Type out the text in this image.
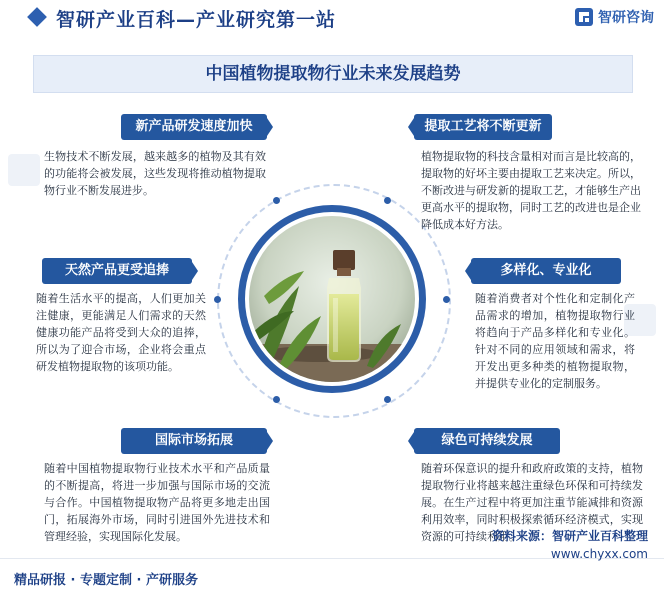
智研产业百科—产业研究第一站	智研咨询
中国植物提取物行业未来发展趋势
新产品研发速度加快
生物技术不断发展，越来越多的植物及其有效的功能将会被发展，这些发现将推动植物提取物行业不断发展进步。
提取工艺将不断更新
植物提取物的科技含量相对而言是比较高的，提取物的好坏主要由提取工艺来决定。所以，不断改进与研发新的提取工艺，才能够生产出更高水平的提取物，同时工艺的改进也是企业降低成本好方法。
天然产品更受追捧
随着生活水平的提高，人们更加关注健康，更能满足人们需求的天然健康功能产品将受到大众的追捧，所以为了迎合市场，企业将会重点研发植物提取物的该项功能。
多样化、专业化
随着消费者对个性化和定制化产品需求的增加，植物提取物行业将趋向于产品多样化和专业化。针对不同的应用领域和需求，将开发出更多种类的植物提取物，并提供专业化的定制服务。
国际市场拓展
随着中国植物提取物行业技术水平和产品质量的不断提高，将进一步加强与国际市场的交流与合作。中国植物提取物产品将更多地走出国门，拓展海外市场，同时引进国外先进技术和管理经验，实现国际化发展。
绿色可持续发展
随着环保意识的提升和政府政策的支持，植物提取物行业将越来越注重绿色环保和可持续发展。在生产过程中将更加注重节能减排和资源利用效率，同时积极探索循环经济模式，实现资源的可持续利用。
精品研报 · 专题定制 · 产研服务
资料来源：智研产业百科整理
www.chyxx.com
